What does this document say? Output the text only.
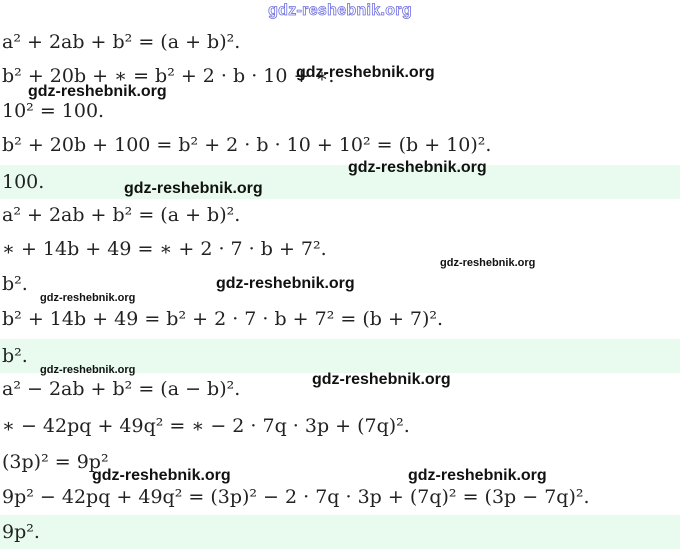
gdz-reshebnik.org
a² + 2ab + b² = (a + b)².
b² + 20b + ∗ = b² + 2 · b · 10 + ∗.
10² = 100.
b² + 20b + 100 = b² + 2 · b · 10 + 10² = (b + 10)².
100.
a² + 2ab + b² = (a + b)².
∗ + 14b + 49 = ∗ + 2 · 7 · b + 7².
b².
b² + 14b + 49 = b² + 2 · 7 · b + 7² = (b + 7)².
b².
a² − 2ab + b² = (a − b)².
∗ − 42pq + 49q² = ∗ − 2 · 7q · 3p + (7q)².
(3p)² = 9p²
9p² − 42pq + 49q² = (3p)² − 2 · 7q · 3p + (7q)² = (3p − 7q)².
9p².
gdz-reshebnik.org
gdz-reshebnik.org
gdz-reshebnik.org
gdz-reshebnik.org
gdz-reshebnik.org
gdz-reshebnik.org
gdz-reshebnik.org
gdz-reshebnik.org
gdz-reshebnik.org
gdz-reshebnik.org	gdz-reshebnik.org
